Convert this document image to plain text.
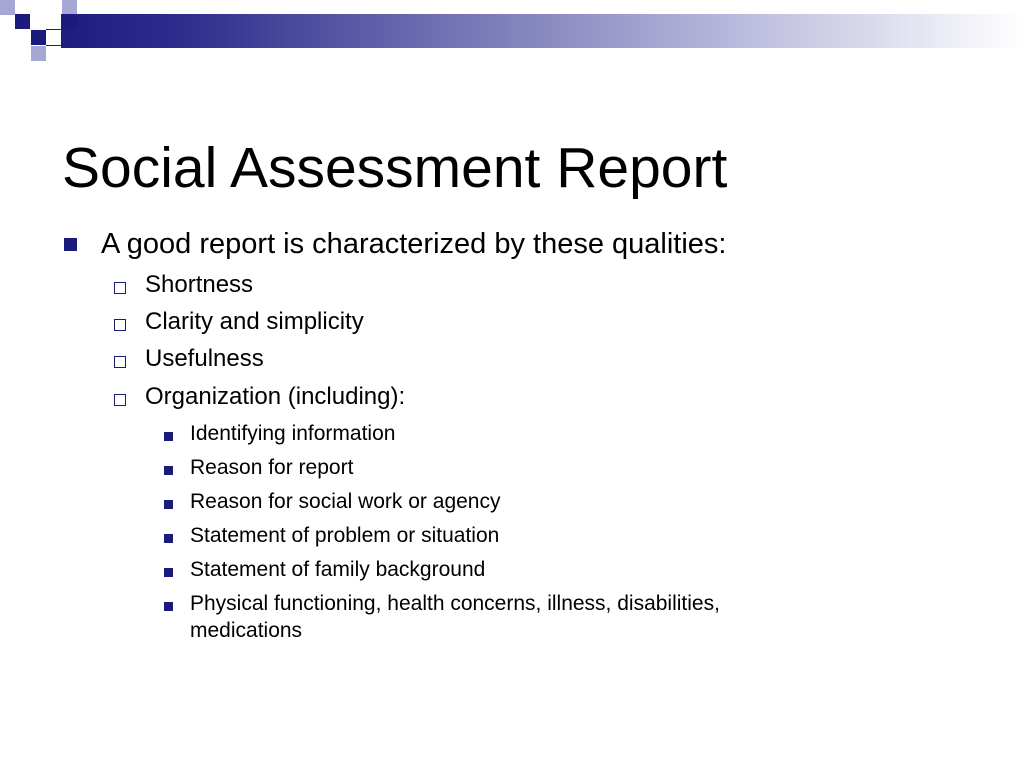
Social Assessment Report
A good report is characterized by these qualities:
Shortness
Clarity and simplicity
Usefulness
Organization (including):
Identifying information
Reason for report
Reason for social work or agency
Statement of problem or situation
Statement of family background
Physical functioning, health concerns, illness, disabilities,
medications
